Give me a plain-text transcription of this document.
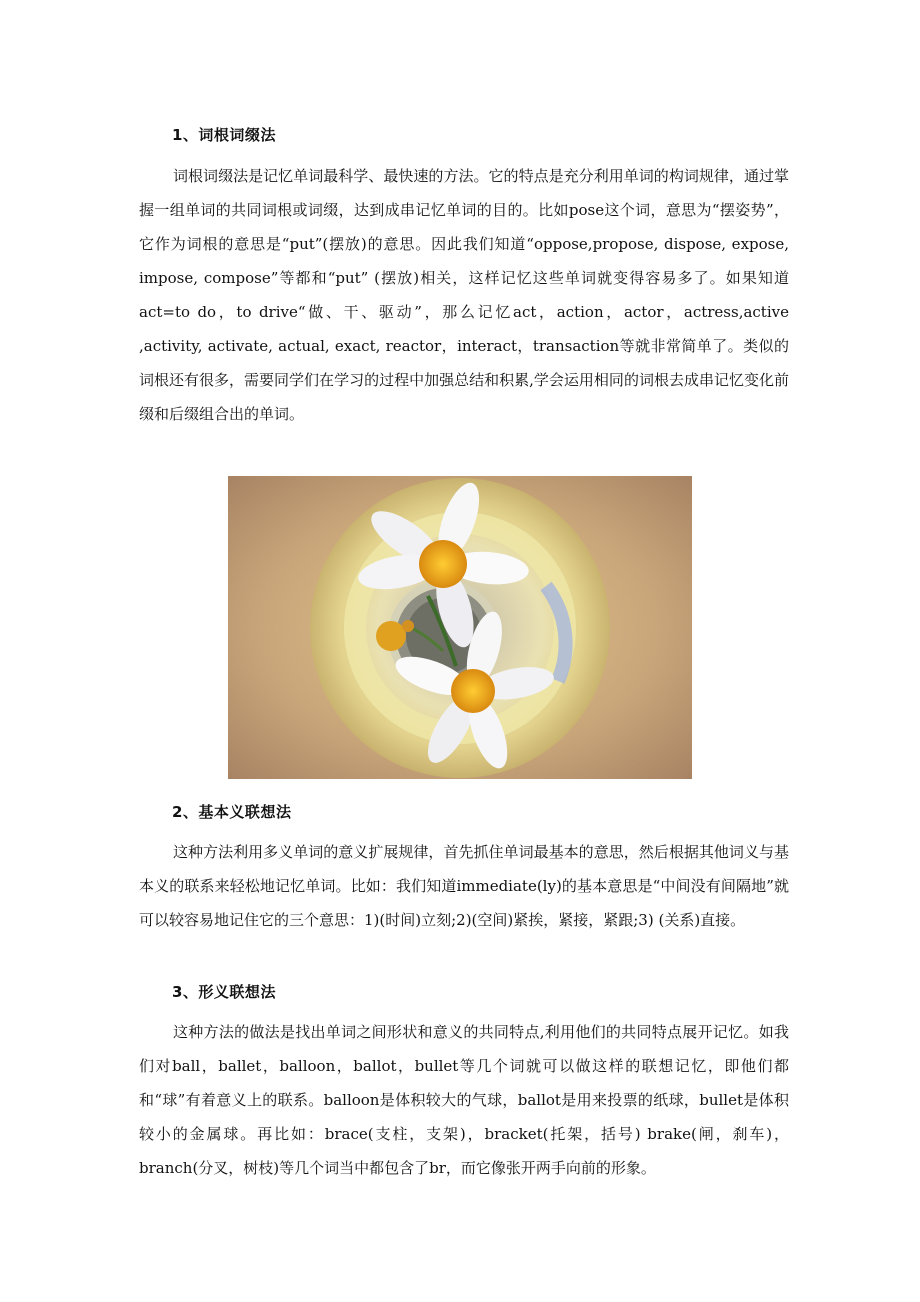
1、词根词缀法

词根词缀法是记忆单词最科学、最快速的方法。它的特点是充分利用单词的构词规律，通过掌握一组单词的共同词根或词缀，达到成串记忆单词的目的。比如pose这个词，意思为“摆姿势”，它作为词根的意思是“put”(摆放)的意思。因此我们知道“oppose,propose, dispose, expose, impose, compose”等都和“put” (摆放)相关，这样记忆这些单词就变得容易多了。如果知道act=to do，to drive“做、干、驱动”，那么记忆act，action，actor，actress,active ,activity, activate, actual, exact, reactor，interact，transaction等就非常简单了。类似的词根还有很多，需要同学们在学习的过程中加强总结和积累,学会运用相同的词根去成串记忆变化前缀和后缀组合出的单词。

2、基本义联想法

这种方法利用多义单词的意义扩展规律，首先抓住单词最基本的意思，然后根据其他词义与基本义的联系来轻松地记忆单词。比如：我们知道immediate(ly)的基本意思是“中间没有间隔地”就可以较容易地记住它的三个意思：1)(时间)立刻;2)(空间)紧挨，紧接，紧跟;3) (关系)直接。

3、形义联想法

这种方法的做法是找出单词之间形状和意义的共同特点,利用他们的共同特点展开记忆。如我们对ball，ballet，balloon，ballot，bullet等几个词就可以做这样的联想记忆，即他们都和“球”有着意义上的联系。balloon是体积较大的气球，ballot是用来投票的纸球，bullet是体积较小的金属球。再比如：brace(支柱，支架)，bracket(托架，括号) brake(闸，刹车)，branch(分叉，树枝)等几个词当中都包含了br，而它像张开两手向前的形象。
